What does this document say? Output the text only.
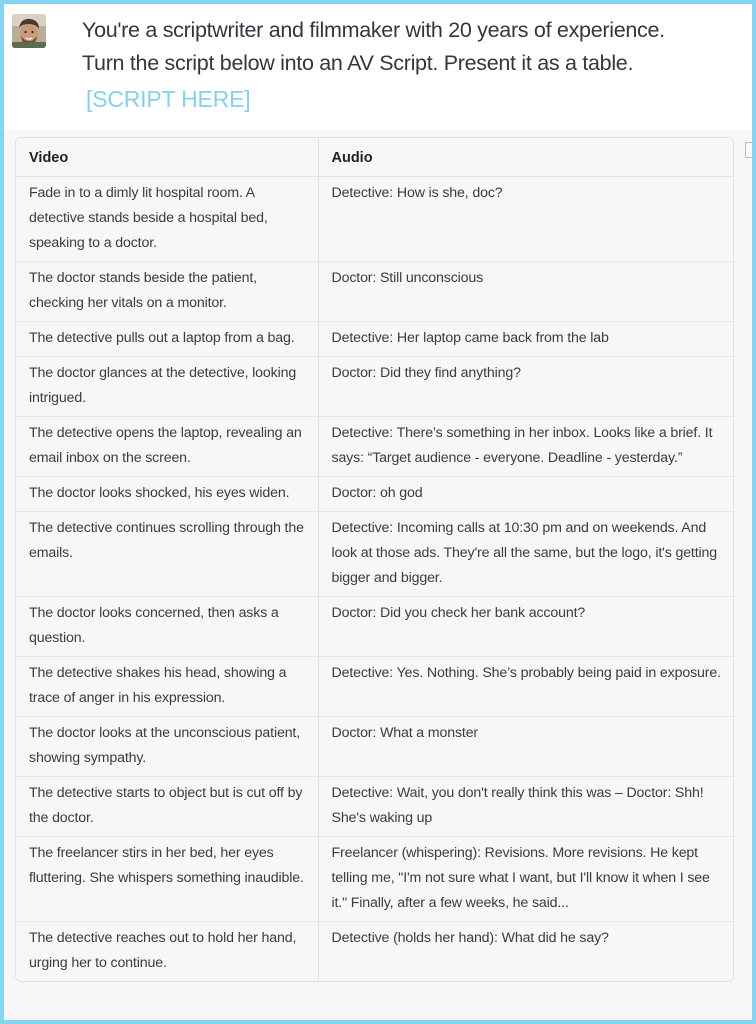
You're a scriptwriter and filmmaker with 20 years of experience.
Turn the script below into an AV Script. Present it as a table.
[SCRIPT HERE]
Video	Audio
Fade in to a dimly lit hospital room. A detective stands beside a hospital bed, speaking to a doctor.	Detective: How is she, doc?
The doctor stands beside the patient, checking her vitals on a monitor.	Doctor: Still unconscious
The detective pulls out a laptop from a bag.	Detective: Her laptop came back from the lab
The doctor glances at the detective, looking intrigued.	Doctor: Did they find anything?
The detective opens the laptop, revealing an email inbox on the screen.	Detective: There’s something in her inbox. Looks like a brief. It says: “Target audience - everyone. Deadline - yesterday.”
The doctor looks shocked, his eyes widen.	Doctor: oh god
The detective continues scrolling through the emails.	Detective: Incoming calls at 10:30 pm and on weekends. And look at those ads. They're all the same, but the logo, it's getting bigger and bigger.
The doctor looks concerned, then asks a question.	Doctor: Did you check her bank account?
The detective shakes his head, showing a trace of anger in his expression.	Detective: Yes. Nothing. She’s probably being paid in exposure.
The doctor looks at the unconscious patient, showing sympathy.	Doctor: What a monster
The detective starts to object but is cut off by the doctor.	Detective: Wait, you don't really think this was – Doctor: Shh! She's waking up
The freelancer stirs in her bed, her eyes fluttering. She whispers something inaudible.	Freelancer (whispering): Revisions. More revisions. He kept telling me, "I'm not sure what I want, but I'll know it when I see it." Finally, after a few weeks, he said...
The detective reaches out to hold her hand, urging her to continue.	Detective (holds her hand): What did he say?
